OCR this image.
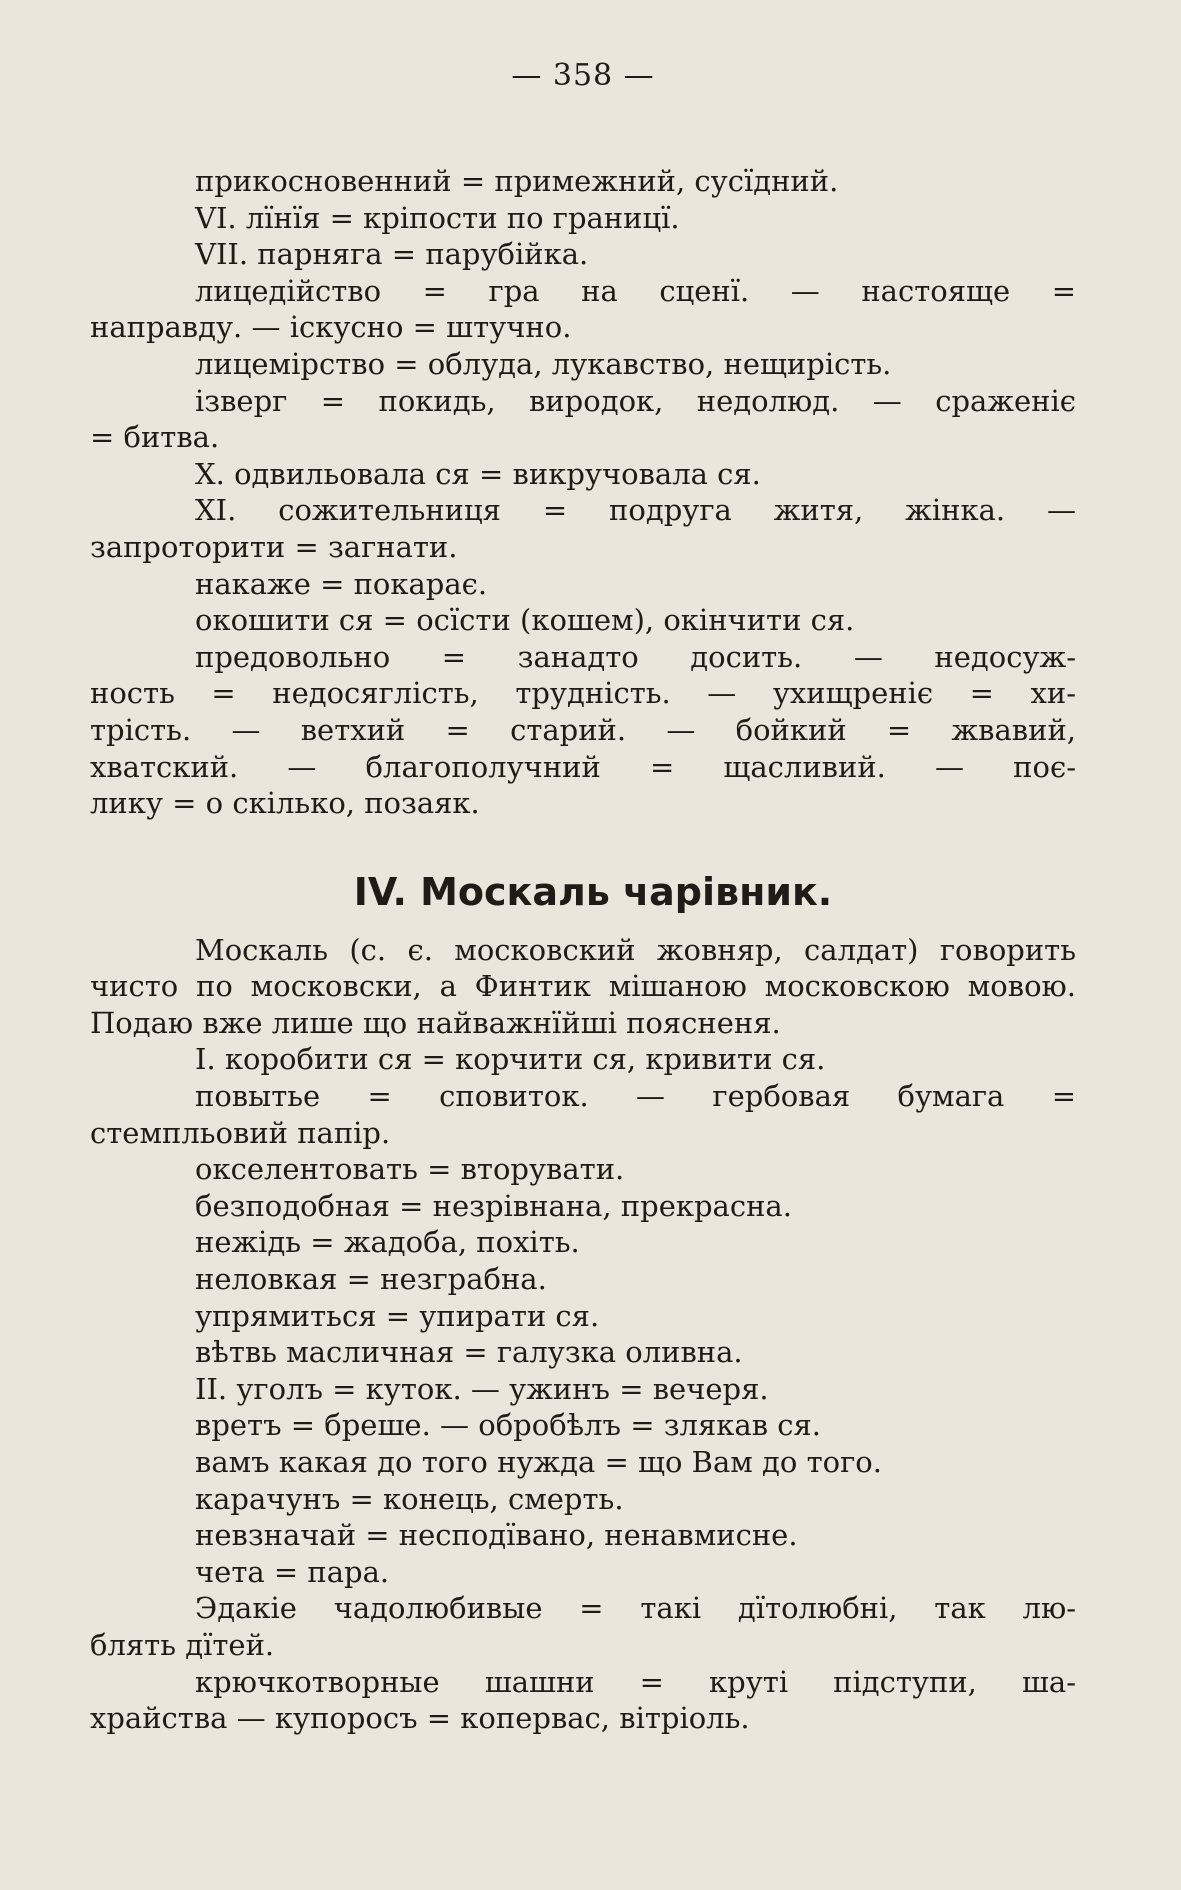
— 358 —
прикосновенний = примежний, сусїдний.
VI. лїнїя = кріпости по границї.
VII. парняга = парубійка.
лицедійство = гра на сценї. — настояще =
направду. — іскусно = штучно.
лицемірство = облуда, лукавство, нещирість.
ізверг = покидь, виродок, недолюд. — сраженіє
= битва.
X. одвильовала ся = викручовала ся.
XI. сожительниця = подруга житя, жінка. —
запроторити = загнати.
накаже = покарає.
окошити ся = осїсти (кошем), окінчити ся.
предовольно = занадто досить. — недосуж-
ность = недосяглість, трудність. — ухищреніє = хи-
трість. — ветхий = старий. — бойкий = жвавий,
хватский. — благополучний = щасливий. — поє-
лику = о скілько, позаяк.
IV. Москаль чарівник.
Москаль (с. є. московский жовняр, салдат) говорить
чисто по московски, а Финтик мішаною московскою мовою.
Подаю вже лише що найважнїйші поясненя.
I. коробити ся = корчити ся, кривити ся.
повытье = сповиток. — гербовая бумага =
стемпльовий папір.
окселентовать = вторувати.
безподобная = незрівнана, прекрасна.
нежідь = жадоба, похіть.
неловкая = незграбна.
упрямиться = упирати ся.
вѣтвь масличная = галузка оливна.
II. уголъ = куток. — ужинъ = вечеря.
вретъ = бреше. — обробѣлъ = злякав ся.
вамъ какая до того нужда = що Вам до того.
карачунъ = конець, смерть.
невзначай = несподївано, ненавмисне.
чета = пара.
Эдакіе чадолюбивые = такі дїтолюбні, так лю-
блять дїтей.
крючкотворные шашни = круті підступи, ша-
храйства — купоросъ = копервас, вітріоль.
